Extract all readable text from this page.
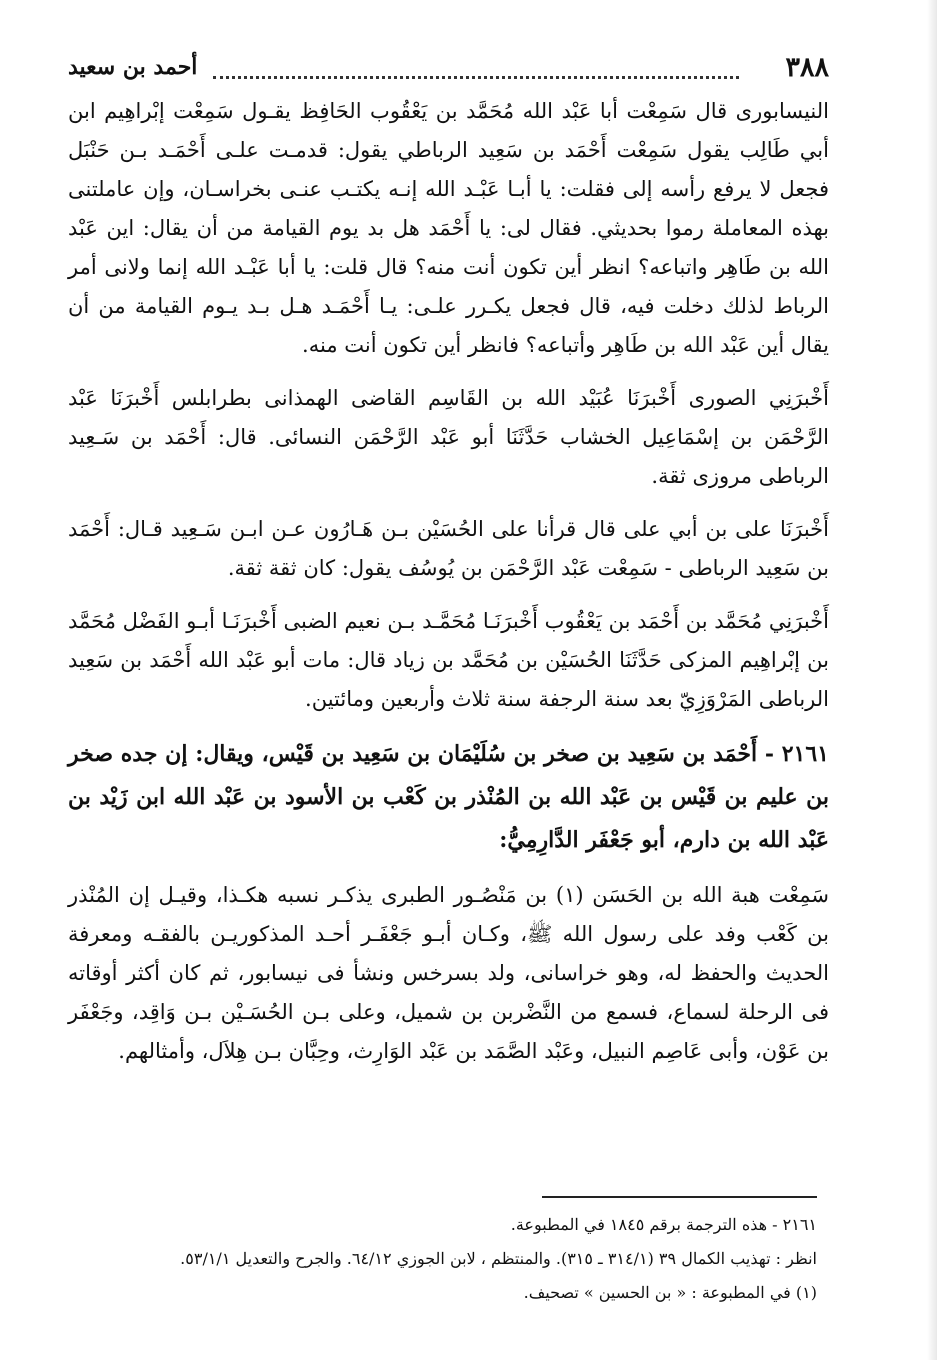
٣٨٨
أحمد بن سعيد

النيسابورى قال سَمِعْت أبا عَبْد الله مُحَمَّد بن يَعْقُوب الحَافِظ يقـول سَمِعْت إبْراهِيم ابن أبي طَالِب يقول سَمِعْت أَحْمَد بن سَعِيد الرباطي يقول: قدمـت علـى أَحْمَـد بـن حَنْبَل فجعل لا يرفع رأسه إلى فقلت: يا أبـا عَبْـد الله إنـه يكتـب عنـى بخراسـان، وإن عاملتنى بهذه المعاملة رموا بحديثي. فقال لى: يا أَحْمَد هل بد يوم القيامة من أن يقال: اين عَبْد الله بن طَاهِر واتباعه؟ انظر أين تكون أنت منه؟ قال قلت: يا أبا عَبْـد الله إنما ولانى أمر الرباط لذلك دخلت فيه، قال فجعل يكـرر علـى: يـا أَحْمَـد هـل بـد يـوم القيامة من أن يقال أين عَبْد الله بن طَاهِر وأتباعه؟ فانظر أين تكون أنت منه.

أَخْبرَنِي الصورى أَخْبرَنَا عُبَيْد الله بن القَاسِم القاضى الهمذانى بطرابلس أَخْبرَنَا عَبْد الرَّحْمَن بن إسْمَاعِيل الخشاب حَدَّثَنَا أبو عَبْد الرَّحْمَن النسائى. قال: أَحْمَد بن سَـعِيد الرباطى مروزى ثقة.

أَخْبرَنَا على بن أبي على قال قرأنا على الحُسَيْن بـن هَـارُون عـن ابـن سَـعِيد قـال: أَحْمَد بن سَعِيد الرباطى - سَمِعْت عَبْد الرَّحْمَن بن يُوسُف يقول: كان ثقة ثقة.

أَخْبرَنِي مُحَمَّد بن أَحْمَد بن يَعْقُوب أَخْبرَنَـا مُحَمَّـد بـن نعيم الضبى أَخْبرَنَـا أبـو الفَضْل مُحَمَّد بن إبْراهِيم المزكى حَدَّثَنَا الحُسَيْن بن مُحَمَّد بن زياد قال: مات أبو عَبْد الله أَحْمَد بن سَعِيد الرباطى المَرْوَزِيّ بعد سنة الرجفة سنة ثلاث وأربعين ومائتين.

٢١٦١ - أَحْمَد بن سَعِيد بن صخر بن سُلَيْمَان بن سَعِيد بن قَيْس، ويقال: إن جده صخر بن عليم بن قَيْس بن عَبْد الله بن المُنْذر بن كَعْب بن الأسود بن عَبْد الله ابن زَيْد بن عَبْد الله بن دارم، أبو جَعْفَر الدَّارِمِيُّ:

سَمِعْت هبة الله بن الحَسَن (١) بن مَنْصُـور الطبرى يذكـر نسبه هكـذا، وقيـل إن المُنْذر بن كَعْب وفد على رسول الله ﷺ، وكـان أبـو جَعْفَـر أحـد المذكوريـن بالفقـه ومعرفة الحديث والحفظ له، وهو خراسانى، ولد بسرخس ونشأ فى نيسابور، ثم كان أكثر أوقاته فى الرحلة لسماع، فسمع من النَّضْربن بن شميل، وعلى بـن الحُسَـيْن بـن وَاقِد، وجَعْفَر بن عَوْن، وأبى عَاصِم النبيل، وعَبْد الصَّمَد بن عَبْد الوَارِث، وحِبَّان بـن هِلاَل، وأمثالهم.

٢١٦١ - هذه الترجمة برقم ١٨٤٥ في المطبوعة.

انظر : تهذيب الكمال ٣٩ (٣١٤/١ ـ ٣١٥). والمنتظم ، لابن الجوزي ٦٤/١٢. والجرح والتعديل ٥٣/١/١.

(١) في المطبوعة : « بن الحسين » تصحيف.
